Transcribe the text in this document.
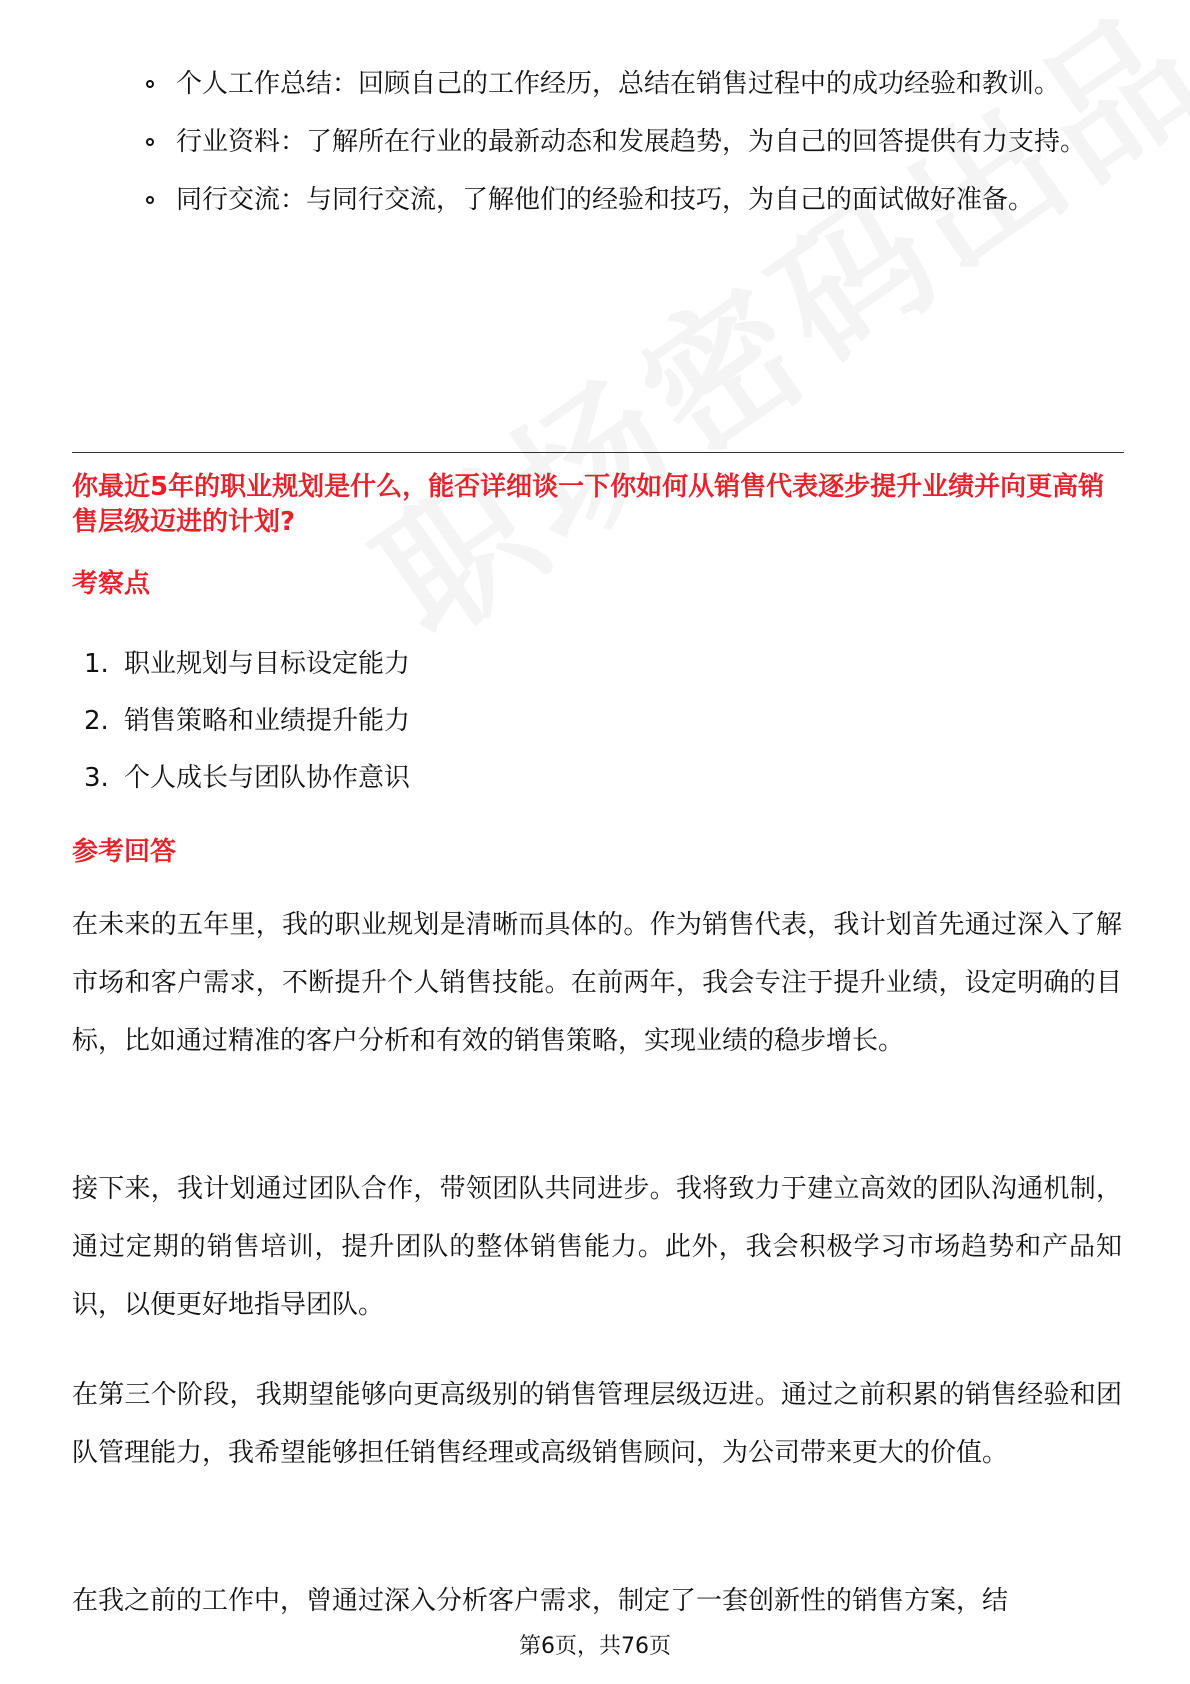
个人工作总结：回顾自己的工作经历，总结在销售过程中的成功经验和教训。
行业资料：了解所在行业的最新动态和发展趋势，为自己的回答提供有力支持。
同行交流：与同行交流，了解他们的经验和技巧，为自己的面试做好准备。
你最近5年的职业规划是什么，能否详细谈一下你如何从销售代表逐步提升业绩并向更高销售层级迈进的计划?
考察点
1. 职业规划与目标设定能力
2. 销售策略和业绩提升能力
3. 个人成长与团队协作意识
参考回答
在未来的五年里，我的职业规划是清晰而具体的。作为销售代表，我计划首先通过深入了解市场和客户需求，不断提升个人销售技能。在前两年，我会专注于提升业绩，设定明确的目标，比如通过精准的客户分析和有效的销售策略，实现业绩的稳步增长。
接下来，我计划通过团队合作，带领团队共同进步。我将致力于建立高效的团队沟通机制，通过定期的销售培训，提升团队的整体销售能力。此外，我会积极学习市场趋势和产品知识，以便更好地指导团队。
在第三个阶段，我期望能够向更高级别的销售管理层级迈进。通过之前积累的销售经验和团队管理能力，我希望能够担任销售经理或高级销售顾问，为公司带来更大的价值。
在我之前的工作中，曾通过深入分析客户需求，制定了一套创新性的销售方案，结
第6页，共76页
